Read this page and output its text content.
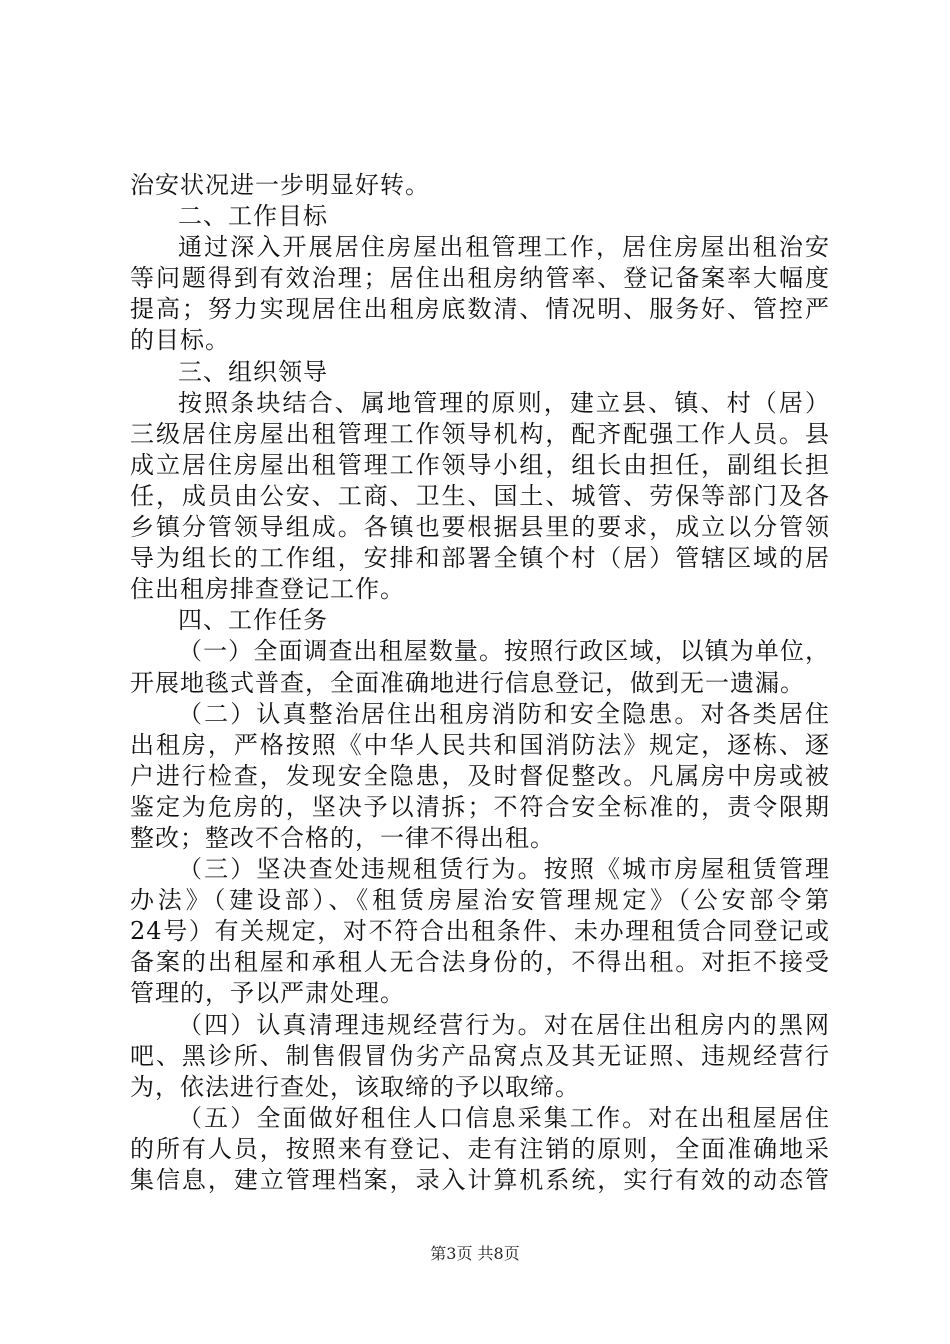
治安状况进一步明显好转。
二、工作目标
通过深入开展居住房屋出租管理工作，居住房屋出租治安
等问题得到有效治理；居住出租房纳管率、登记备案率大幅度
提高；努力实现居住出租房底数清、情况明、服务好、管控严
的目标。
三、组织领导
按照条块结合、属地管理的原则，建立县、镇、村（居）
三级居住房屋出租管理工作领导机构，配齐配强工作人员。县
成立居住房屋出租管理工作领导小组，组长由担任，副组长担
任，成员由公安、工商、卫生、国土、城管、劳保等部门及各
乡镇分管领导组成。各镇也要根据县里的要求，成立以分管领
导为组长的工作组，安排和部署全镇个村（居）管辖区域的居
住出租房排查登记工作。
四、工作任务
（一）全面调查出租屋数量。按照行政区域，以镇为单位，
开展地毯式普查，全面准确地进行信息登记，做到无一遗漏。
（二）认真整治居住出租房消防和安全隐患。对各类居住
出租房，严格按照《中华人民共和国消防法》规定，逐栋、逐
户进行检查，发现安全隐患，及时督促整改。凡属房中房或被
鉴定为危房的，坚决予以清拆；不符合安全标准的，责令限期
整改；整改不合格的，一律不得出租。
（三）坚决查处违规租赁行为。按照《城市房屋租赁管理
办法》（建设部）、《租赁房屋治安管理规定》（公安部令第
24号）有关规定，对不符合出租条件、未办理租赁合同登记或
备案的出租屋和承租人无合法身份的，不得出租。对拒不接受
管理的，予以严肃处理。
（四）认真清理违规经营行为。对在居住出租房内的黑网
吧、黑诊所、制售假冒伪劣产品窝点及其无证照、违规经营行
为，依法进行查处，该取缔的予以取缔。
（五）全面做好租住人口信息采集工作。对在出租屋居住
的所有人员，按照来有登记、走有注销的原则，全面准确地采
集信息，建立管理档案，录入计算机系统，实行有效的动态管
第3页 共8页
